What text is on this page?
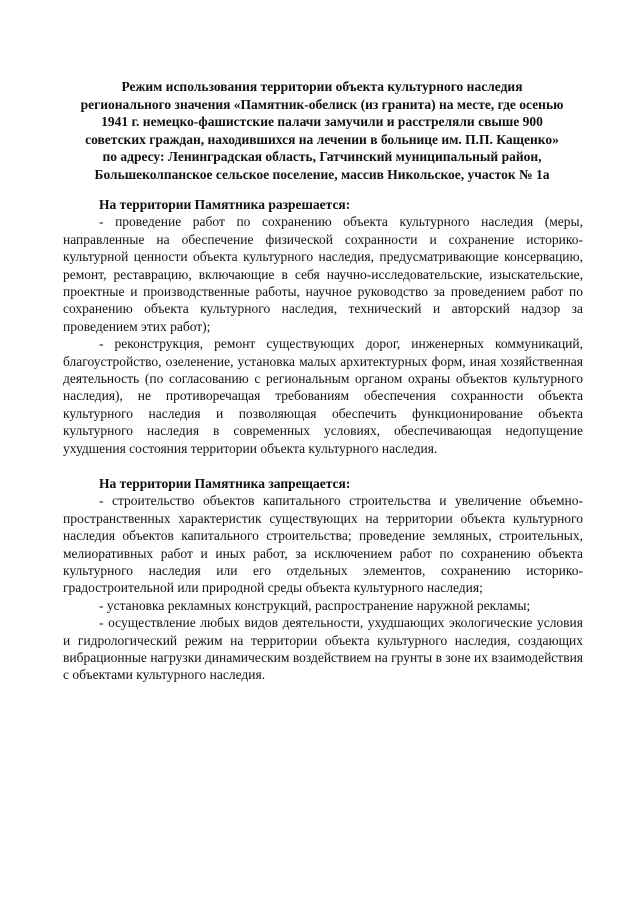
Режим использования территории объекта культурного наследия
регионального значения «Памятник-обелиск (из гранита) на месте, где осенью
1941 г. немецко-фашистские палачи замучили и расстреляли свыше 900
советских граждан, находившихся на лечении в больнице им. П.П. Кащенко»
по адресу: Ленинградская область, Гатчинский муниципальный район,
Большеколпанское сельское поселение, массив Никольское, участок № 1а

На территории Памятника разрешается:

- проведение работ по сохранению объекта культурного наследия (меры, направленные на обеспечение физической сохранности и сохранение историко-культурной ценности объекта культурного наследия, предусматривающие консервацию, ремонт, реставрацию, включающие в себя научно-исследовательские, изыскательские, проектные и производственные работы, научное руководство за проведением работ по сохранению объекта культурного наследия, технический и авторский надзор за проведением этих работ);

- реконструкция, ремонт существующих дорог, инженерных коммуникаций, благоустройство, озеленение, установка малых архитектурных форм, иная хозяйственная деятельность (по согласованию с региональным органом охраны объектов культурного наследия), не противоречащая требованиям обеспечения сохранности объекта культурного наследия и позволяющая обеспечить функционирование объекта культурного наследия в современных условиях, обеспечивающая недопущение ухудшения состояния территории объекта культурного наследия.

На территории Памятника запрещается:

- строительство объектов капитального строительства и увеличение объемно-пространственных характеристик существующих на территории объекта культурного наследия объектов капитального строительства; проведение земляных, строительных, мелиоративных работ и иных работ, за исключением работ по сохранению объекта культурного наследия или его отдельных элементов, сохранению историко-градостроительной или природной среды объекта культурного наследия;

- установка рекламных конструкций, распространение наружной рекламы;

- осуществление любых видов деятельности, ухудшающих экологические условия и гидрологический режим на территории объекта культурного наследия, создающих вибрационные нагрузки динамическим воздействием на грунты в зоне их взаимодействия с объектами культурного наследия.
